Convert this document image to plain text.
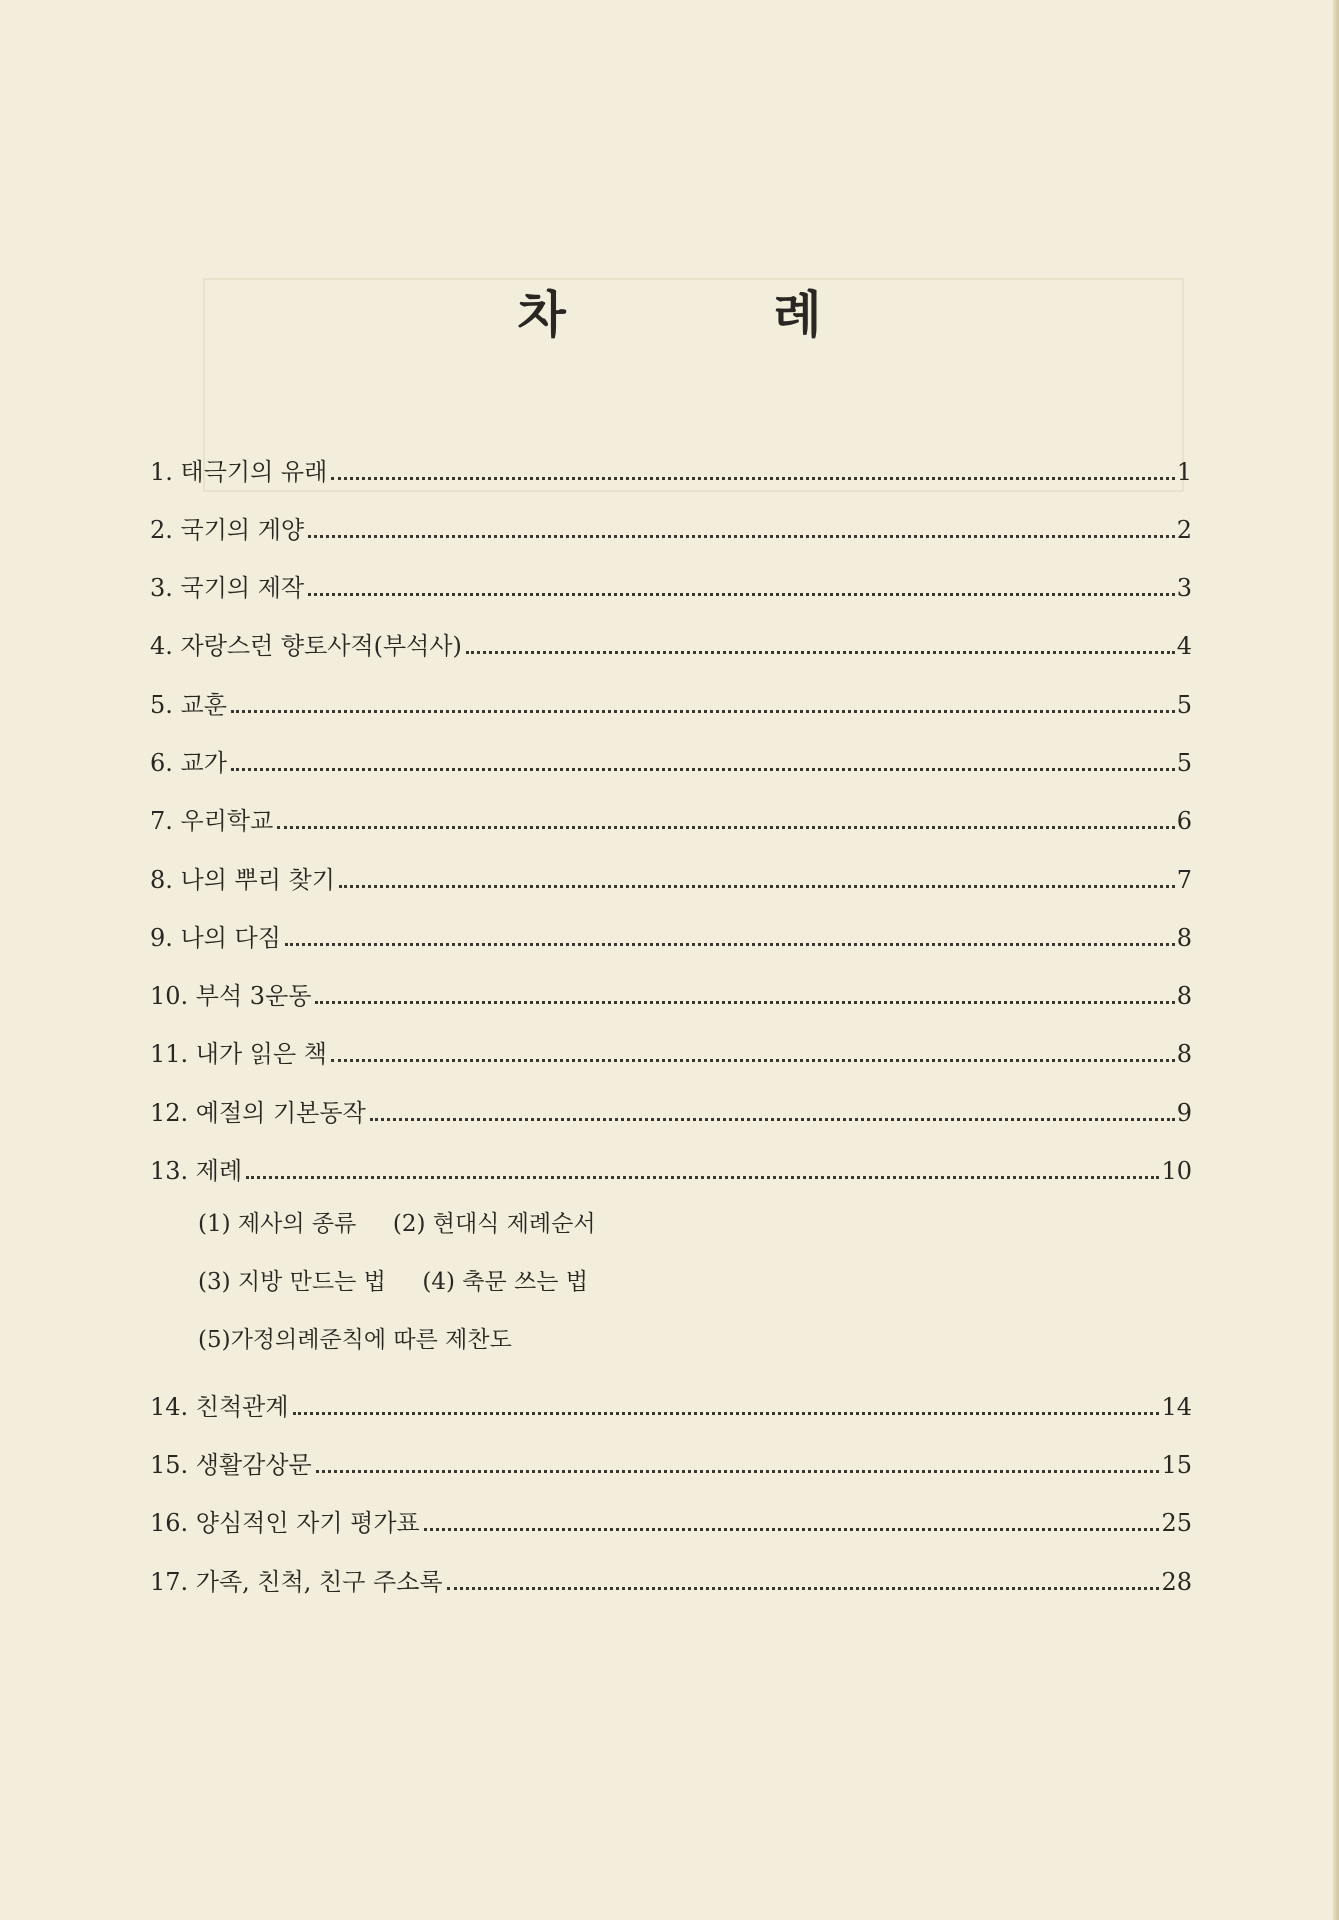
차 례
1. 태극기의 유래	1
2. 국기의 게양	2
3. 국기의 제작	3
4. 자랑스런 향토사적(부석사)	4
5. 교훈	5
6. 교가	5
7. 우리학교	6
8. 나의 뿌리 찾기	7
9. 나의 다짐	8
10. 부석 3운동	8
11. 내가 읽은 책	8
12. 예절의 기본동작	9
13. 제례	10
14. 친척관계	14
15. 생활감상문	15
16. 양심적인 자기 평가표	25
17. 가족, 친척, 친구 주소록	28
(1) 제사의 종류     (2) 현대식 제례순서
(3) 지방 만드는 법     (4) 축문 쓰는 법
(5)가정의례준칙에 따른 제찬도
